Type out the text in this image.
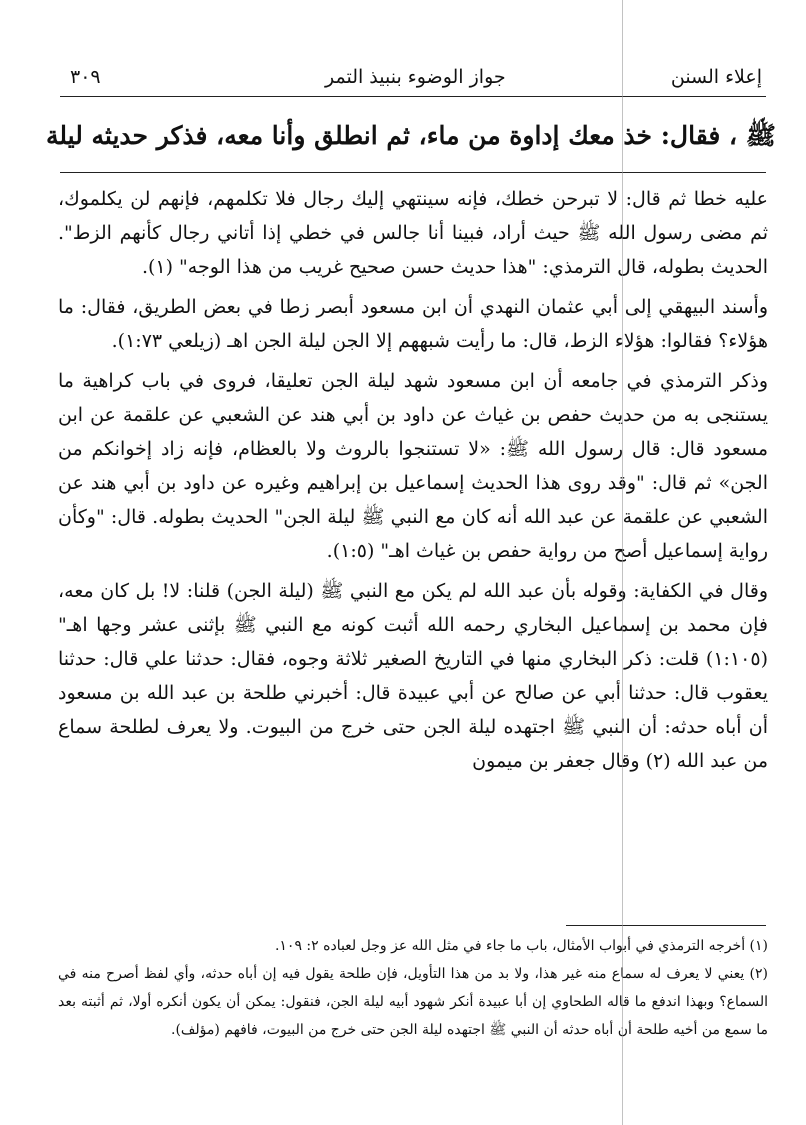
٣٠٩	جواز الوضوء بنبيذ التمر	إعلاء السنن
ﷺ ، فقال: خذ معك إداوة من ماء، ثم انطلق وأنا معه، فذكر حديثه ليلة

عليه خطا ثم قال: لا تبرحن خطك، فإنه سينتهي إليك رجال فلا تكلمهم، فإنهم لن يكلموك، ثم مضى رسول الله ﷺ حيث أراد، فبينا أنا جالس في خطي إذا أتاني رجال كأنهم الزط". الحديث بطوله، قال الترمذي: "هذا حديث حسن صحيح غريب من هذا الوجه" (١).

وأسند البيهقي إلى أبي عثمان النهدي أن ابن مسعود أبصر زطا في بعض الطريق، فقال: ما هؤلاء؟ فقالوا: هؤلاء الزط، قال: ما رأيت شبههم إلا الجن ليلة الجن اهـ (زيلعي ١:٧٣).

وذكر الترمذي في جامعه أن ابن مسعود شهد ليلة الجن تعليقا، فروى في باب كراهية ما يستنجى به من حديث حفص بن غياث عن داود بن أبي هند عن الشعبي عن علقمة عن ابن مسعود قال: قال رسول الله ﷺ: «لا تستنجوا بالروث ولا بالعظام، فإنه زاد إخوانكم من الجن» ثم قال: "وقد روى هذا الحديث إسماعيل بن إبراهيم وغيره عن داود بن أبي هند عن الشعبي عن علقمة عن عبد الله أنه كان مع النبي ﷺ ليلة الجن" الحديث بطوله. قال: "وكأن رواية إسماعيل أصح من رواية حفص بن غياث اهـ" (١:٥).

وقال في الكفاية: وقوله بأن عبد الله لم يكن مع النبي ﷺ (ليلة الجن) قلنا: لا! بل كان معه، فإن محمد بن إسماعيل البخاري رحمه الله أثبت كونه مع النبي ﷺ بإثنى عشر وجها اهـ" (١:١٠٥) قلت: ذكر البخاري منها في التاريخ الصغير ثلاثة وجوه، فقال: حدثنا علي قال: حدثنا يعقوب قال: حدثنا أبي عن صالح عن أبي عبيدة قال: أخبرني طلحة بن عبد الله بن مسعود أن أباه حدثه: أن النبي ﷺ اجتهده ليلة الجن حتى خرج من البيوت. ولا يعرف لطلحة سماع من عبد الله (٢) وقال جعفر بن ميمون

(١) أخرجه الترمذي في أبواب الأمثال، باب ما جاء في مثل الله عز وجل لعباده ٢: ١٠٩.

(٢) يعني لا يعرف له سماع منه غير هذا، ولا بد من هذا التأويل، فإن طلحة يقول فيه إن أباه حدثه، وأي لفظ أصرح منه في السماع؟ وبهذا اندفع ما قاله الطحاوي إن أبا عبيدة أنكر شهود أبيه ليلة الجن، فنقول: يمكن أن يكون أنكره أولا، ثم أثبته بعد ما سمع من أخيه طلحة أن أباه حدثه أن النبي ﷺ اجتهده ليلة الجن حتى خرج من البيوت، فافهم (مؤلف).
